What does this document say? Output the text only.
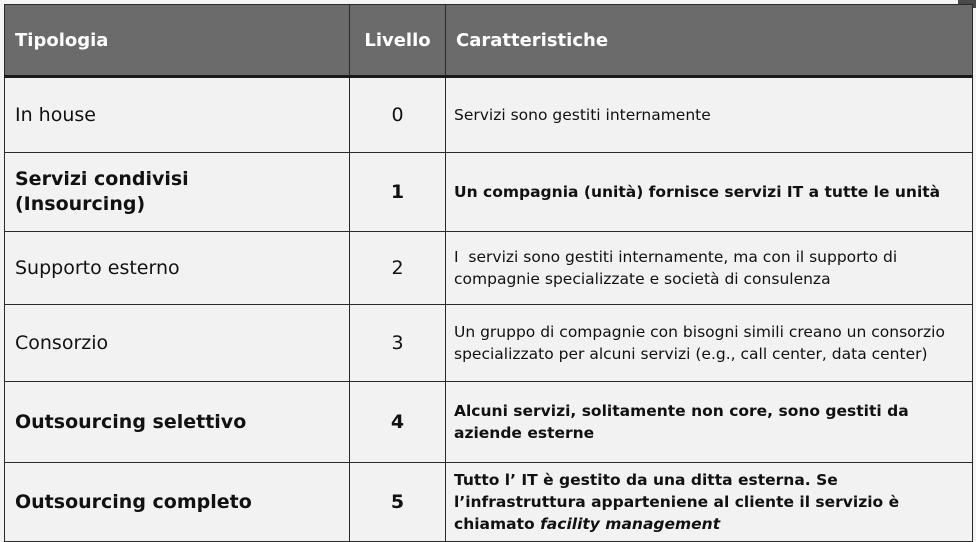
Tipologia	Livello	Caratteristiche
In house	0	Servizi sono gestiti internamente

Servizi condivisi
(Insourcing)	1	Un compagnia (unità) fornisce servizi IT a tutte le unità
Supporto esterno	2	I  servizi sono gestiti internamente, ma con il supporto di
compagnie specializzate e società di consulenza

Consorzio	3	Un gruppo di compagnie con bisogni simili creano un consorzio
specializzato per alcuni servizi (e.g., call center, data center)

Outsourcing selettivo	4	Alcuni servizi, solitamente non core, sono gestiti da
aziende esterne

Outsourcing completo	5	Tutto l’ IT è gestito da una ditta esterna. Se
l’infrastruttura apparteniene al cliente il servizio è
chiamato facility management
